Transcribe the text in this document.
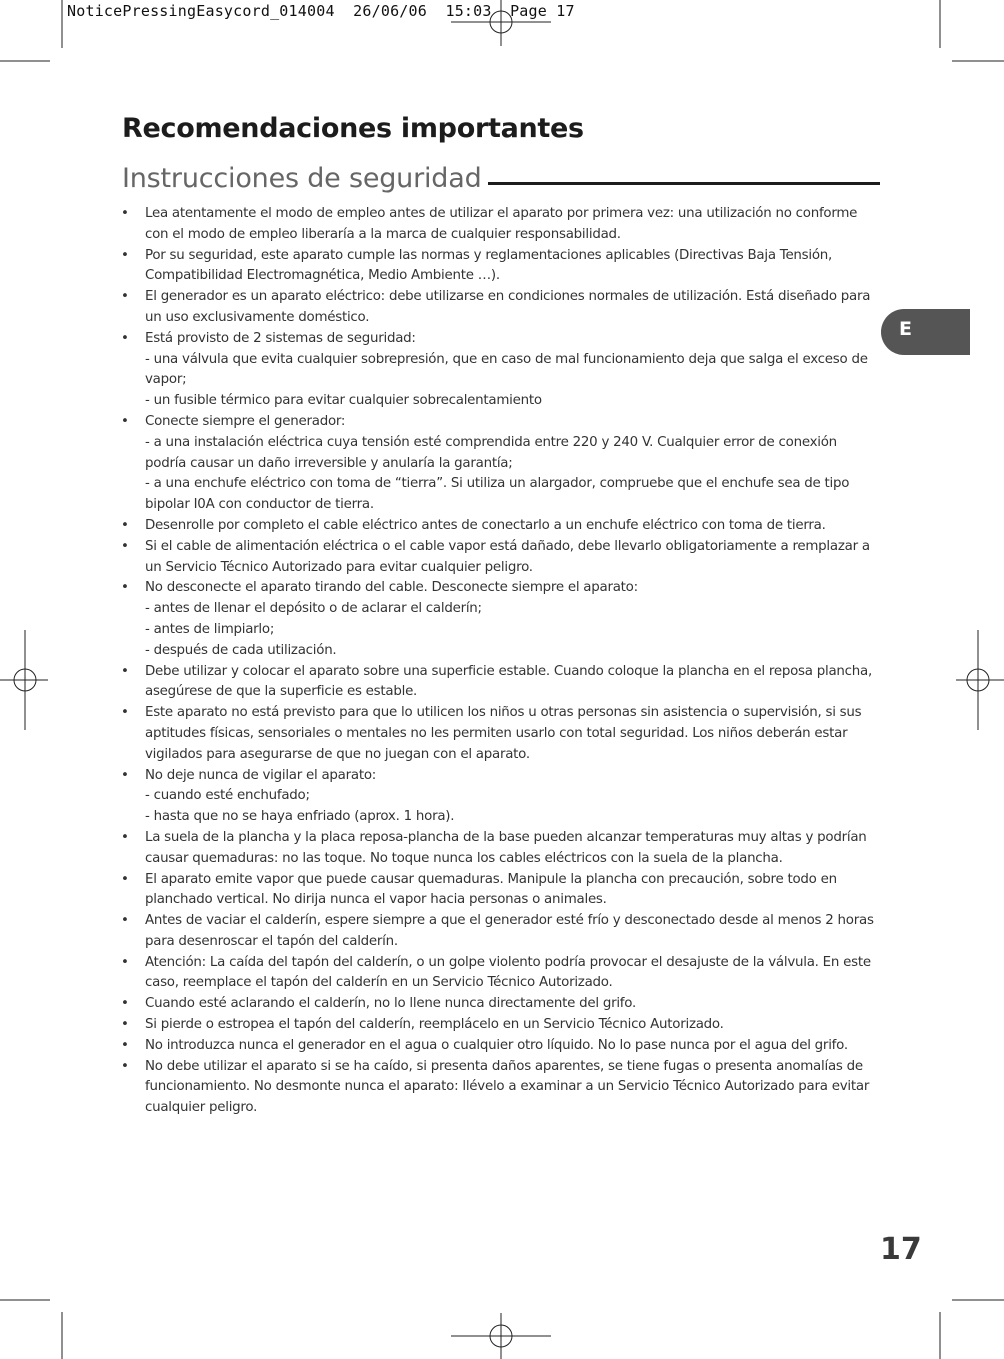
NoticePressingEasycord_014004  26/06/06  15:03  Page 17
Recomendaciones importantes
Instrucciones de seguridad
E
• Lea atentamente el modo de empleo antes de utilizar el aparato por primera vez: una utilización no conforme con el modo de empleo liberaría a la marca de cualquier responsabilidad.
• Por su seguridad, este aparato cumple las normas y reglamentaciones aplicables (Directivas Baja Tensión, Compatibilidad Electromagnética, Medio Ambiente …).
• El generador es un aparato eléctrico: debe utilizarse en condiciones normales de utilización. Está diseñado para un uso exclusivamente doméstico.
• Está provisto de 2 sistemas de seguridad:
- una válvula que evita cualquier sobrepresión, que en caso de mal funcionamiento deja que salga el exceso de vapor;
- un fusible térmico para evitar cualquier sobrecalentamiento
• Conecte siempre el generador:
- a una instalación eléctrica cuya tensión esté comprendida entre 220 y 240 V. Cualquier error de conexión podría causar un daño irreversible y anularía la garantía;
- a una enchufe eléctrico con toma de “tierra”. Si utiliza un alargador, compruebe que el enchufe sea de tipo bipolar I0A con conductor de tierra.
• Desenrolle por completo el cable eléctrico antes de conectarlo a un enchufe eléctrico con toma de tierra.
• Si el cable de alimentación eléctrica o el cable vapor está dañado, debe llevarlo obligatoriamente a remplazar a un Servicio Técnico Autorizado para evitar cualquier peligro.
• No desconecte el aparato tirando del cable. Desconecte siempre el aparato:
- antes de llenar el depósito o de aclarar el calderín;
- antes de limpiarlo;
- después de cada utilización.
• Debe utilizar y colocar el aparato sobre una superficie estable. Cuando coloque la plancha en el reposa plancha, asegúrese de que la superficie es estable.
• Este aparato no está previsto para que lo utilicen los niños u otras personas sin asistencia o supervisión, si sus aptitudes físicas, sensoriales o mentales no les permiten usarlo con total seguridad. Los niños deberán estar vigilados para asegurarse de que no juegan con el aparato.
• No deje nunca de vigilar el aparato:
- cuando esté enchufado;
- hasta que no se haya enfriado (aprox. 1 hora).
• La suela de la plancha y la placa reposa-plancha de la base pueden alcanzar temperaturas muy altas y podrían causar quemaduras: no las toque. No toque nunca los cables eléctricos con la suela de la plancha.
• El aparato emite vapor que puede causar quemaduras. Manipule la plancha con precaución, sobre todo en planchado vertical. No dirija nunca el vapor hacia personas o animales.
• Antes de vaciar el calderín, espere siempre a que el generador esté frío y desconectado desde al menos 2 horas para desenroscar el tapón del calderín.
• Atención: La caída del tapón del calderín, o un golpe violento podría provocar el desajuste de la válvula. En este caso, reemplace el tapón del calderín en un Servicio Técnico Autorizado.
• Cuando esté aclarando el calderín, no lo llene nunca directamente del grifo.
• Si pierde o estropea el tapón del calderín, reemplácelo en un Servicio Técnico Autorizado.
• No introduzca nunca el generador en el agua o cualquier otro líquido. No lo pase nunca por el agua del grifo.
• No debe utilizar el aparato si se ha caído, si presenta daños aparentes, se tiene fugas o presenta anomalías de funcionamiento. No desmonte nunca el aparato: llévelo a examinar a un Servicio Técnico Autorizado para evitar cualquier peligro.
17
